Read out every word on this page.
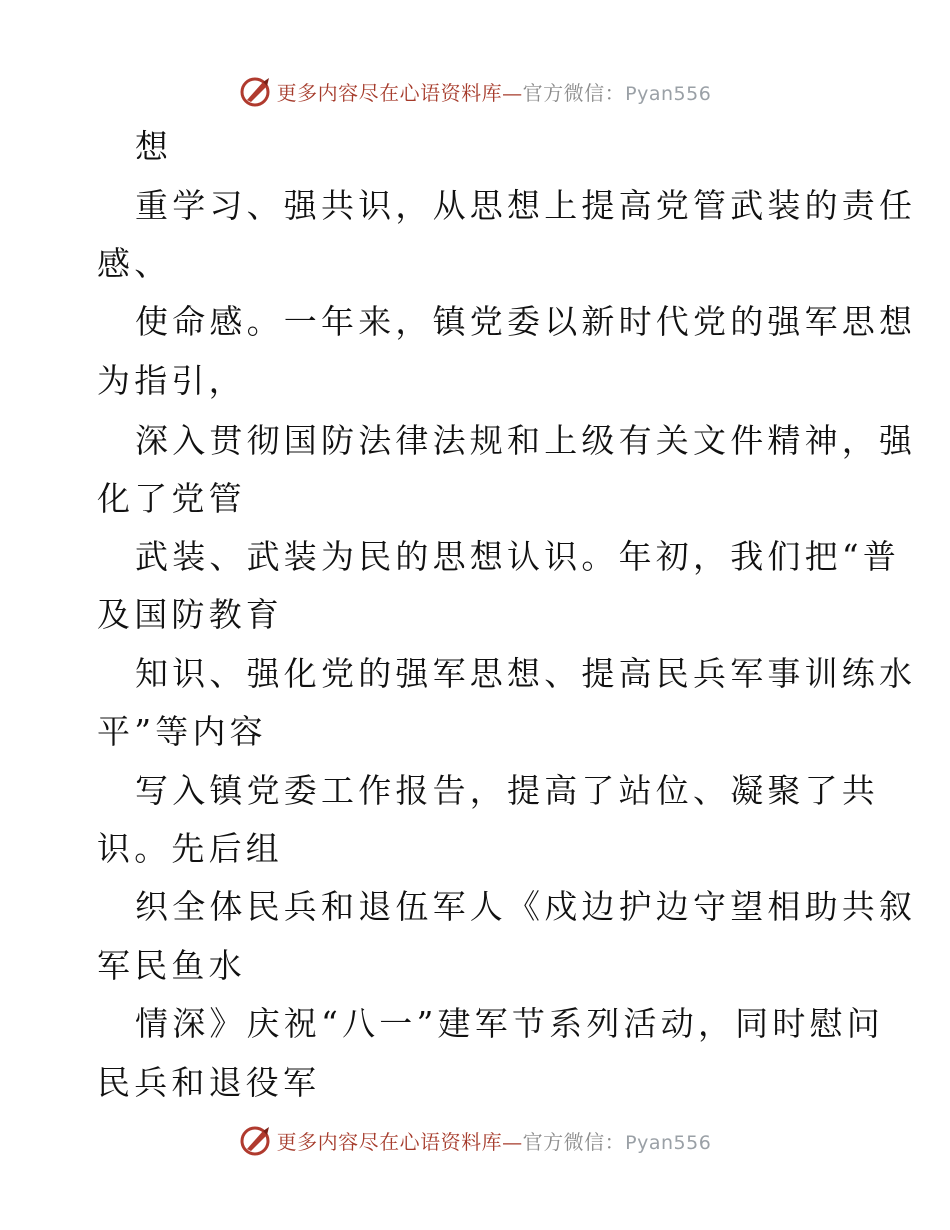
更多内容尽在心语资料库—官方微信：Pyan556
想
重学习、强共识，从思想上提高党管武装的责任
感、
使命感。一年来，镇党委以新时代党的强军思想
为指引，
深入贯彻国防法律法规和上级有关文件精神，强
化了党管
武装、武装为民的思想认识。年初，我们把“普
及国防教育
知识、强化党的强军思想、提高民兵军事训练水
平”等内容
写入镇党委工作报告，提高了站位、凝聚了共
识。先后组
织全体民兵和退伍军人《戍边护边守望相助共叙
军民鱼水
情深》庆祝“八一”建军节系列活动，同时慰问
民兵和退役军
更多内容尽在心语资料库—官方微信：Pyan556
